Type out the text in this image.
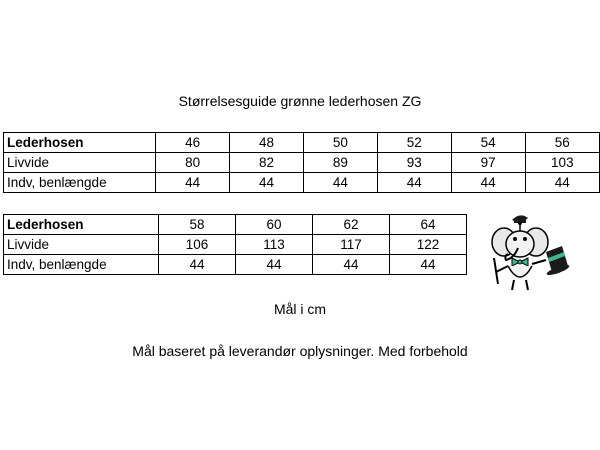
Størrelsesguide grønne lederhosen ZG
Lederhosen	46	48	50	52	54	56
Livvide	80	82	89	93	97	103
Indv, benlængde	44	44	44	44	44	44
Lederhosen	58	60	62	64
Livvide	106	113	117	122
Indv, benlængde	44	44	44	44
Mål i cm
Mål baseret på leverandør oplysninger. Med forbehold
